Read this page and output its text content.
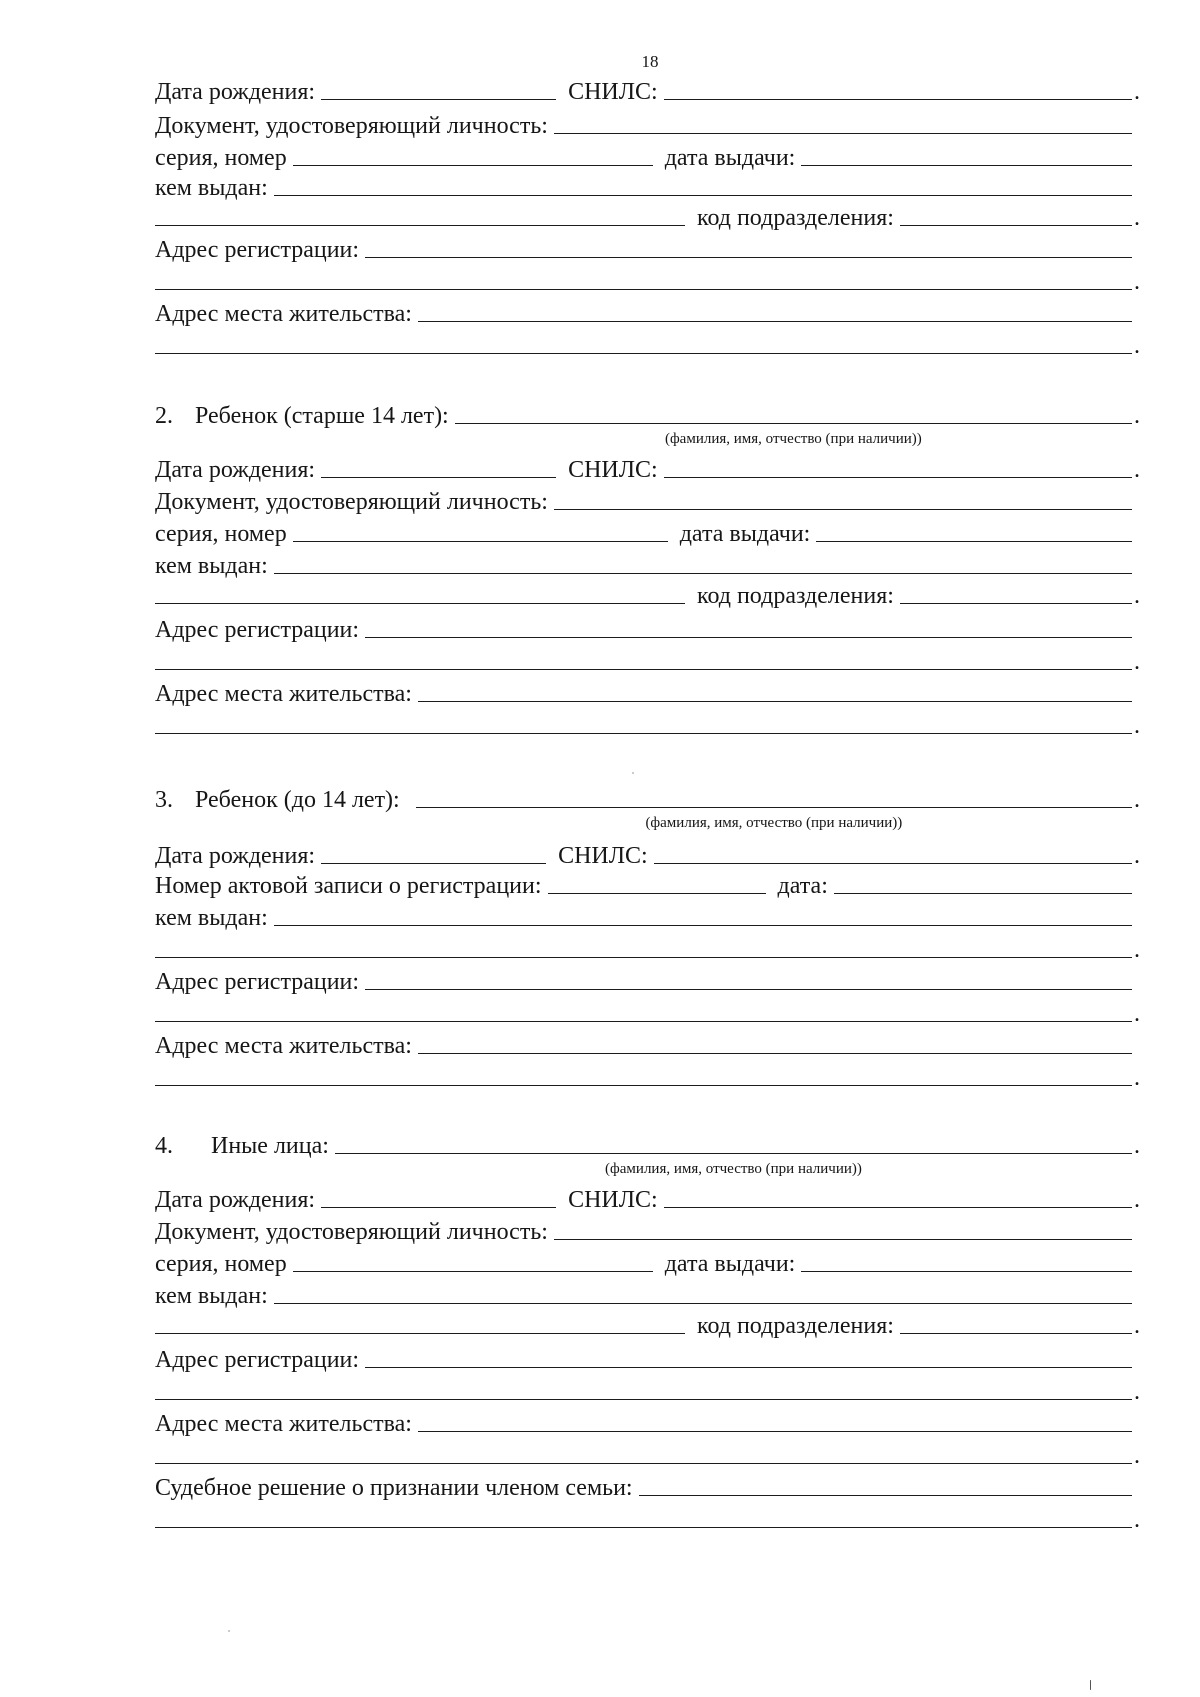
18
Дата рождения:	СНИЛС:	.
Документ, удостоверяющий личность:
серия, номер	дата выдачи:
кем выдан:
код подразделения:	.
Адрес регистрации:
.
Адрес места жительства:
.
2. Ребенок (старше 14 лет):
(фамилия, имя, отчество (при наличии))
.
Дата рождения:	СНИЛС:	.
Документ, удостоверяющий личность:
серия, номер	дата выдачи:
кем выдан:
код подразделения:	.
Адрес регистрации:
.
Адрес места жительства:
.
3. Ребенок (до 14 лет):
(фамилия, имя, отчество (при наличии))
.
Дата рождения:	СНИЛС:	.
Номер актовой записи о регистрации:	дата:
кем выдан:
.
Адрес регистрации:
.
Адрес места жительства:
.
4.	Иные лица:
(фамилия, имя, отчество (при наличии))
.
Дата рождения:	СНИЛС:	.
Документ, удостоверяющий личность:
серия, номер	дата выдачи:
кем выдан:
код подразделения:	.
Адрес регистрации:
.
Адрес места жительства:
.
Судебное решение о признании членом семьи:
.
